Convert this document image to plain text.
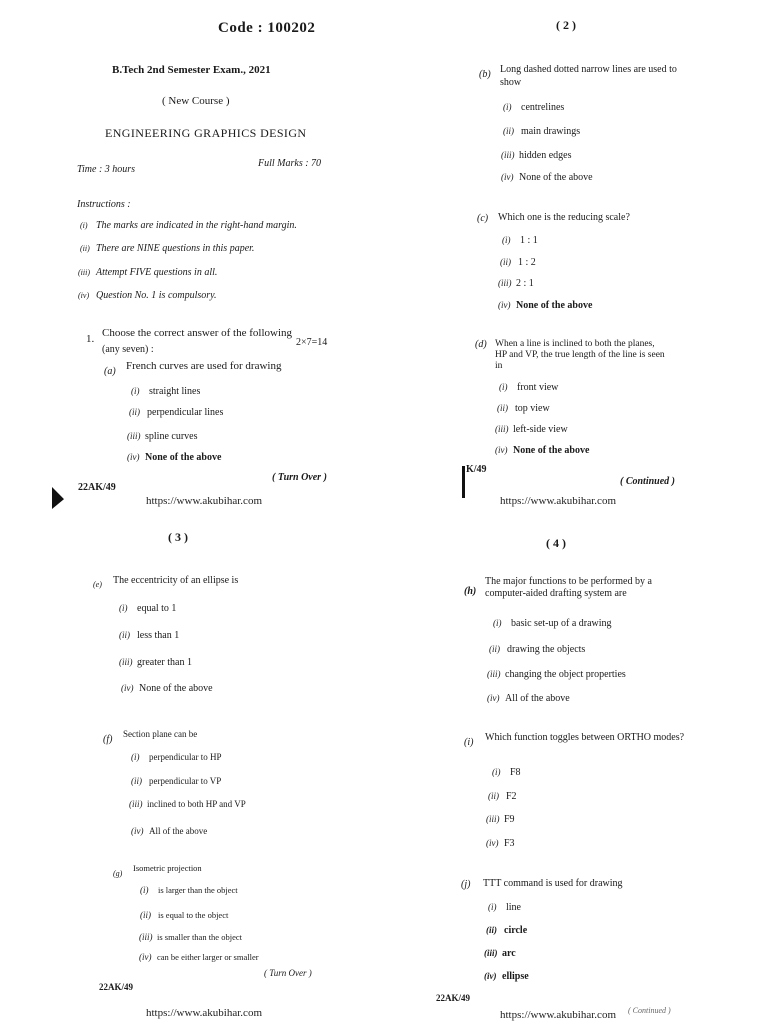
Code : 100202
B.Tech 2nd Semester Exam., 2021
( New Course )
ENGINEERING GRAPHICS DESIGN
Time : 3 hours
Full Marks : 70
Instructions :
(i) The marks are indicated in the right-hand margin.
(ii) There are NINE questions in this paper.
(iii) Attempt FIVE questions in all.
(iv) Question No. 1 is compulsory.
1. Choose the correct answer of the following
(any seven) :
2×7=14
(a) French curves are used for drawing
(i) straight lines
(ii) perpendicular lines
(iii) spline curves
(iv) None of the above
22AK/49
( Turn Over )
https://www.akubihar.com
( 2 )
(b) Long dashed dotted narrow lines are used to show
(i) centrelines
(ii) main drawings
(iii) hidden edges
(iv) None of the above
(c) Which one is the reducing scale?
(i) 1 : 1
(ii) 1 : 2
(iii) 2 : 1
(iv) None of the above
(d) When a line is inclined to both the planes, HP and VP, the true length of the line is seen in
(i) front view
(ii) top view
(iii) left-side view
(iv) None of the above
K/49
( Continued )
https://www.akubihar.com
( 3 )
(e) The eccentricity of an ellipse is
(i) equal to 1
(ii) less than 1
(iii) greater than 1
(iv) None of the above
(f) Section plane can be
(i) perpendicular to HP
(ii) perpendicular to VP
(iii) inclined to both HP and VP
(iv) All of the above
(g)
Isometric projection
(i) is larger than the object
(ii) is equal to the object
(iii) is smaller than the object
(iv) can be either larger or smaller
22AK/49
( Turn Over )
https://www.akubihar.com
( 4 )
(h)
The major functions to be performed by a computer-aided drafting system are
(i) basic set-up of a drawing
(ii) drawing the objects
(iii) changing the object properties
(iv) All of the above
(i) Which function toggles between ORTHO modes?
(i) F8
(ii) F2
(iii) F9
(iv) F3
(j) TTT command is used for drawing
(i) line
(ii) circle
(iii) arc
(iv) ellipse
22AK/49
( Continued )
https://www.akubihar.com
